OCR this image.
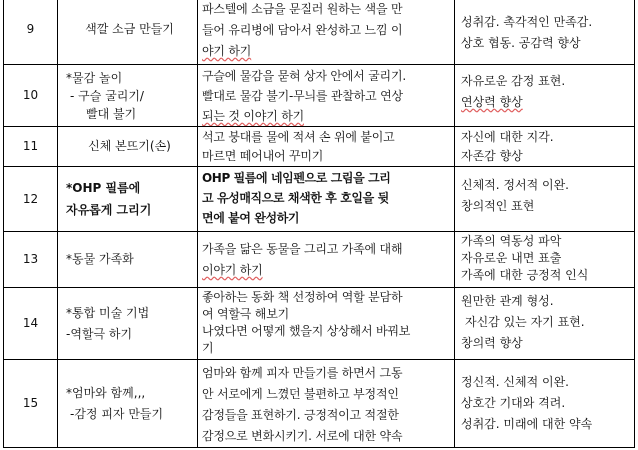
9	색깔 소금 만들기	파스텔에 소금을 문질러 원하는 색을 만
들어 유리병에 담아서 완성하고 느낌 이
야기 하기	성취감. 촉각적인 만족감.
상호 협동. 공감력 향상

10	*물감 놀이
- 구슬 굴리기/
빨대 불기	구슬에 물감을 묻혀 상자 안에서 굴리기.
빨대로 물감 불기-무늬를 관찰하고 연상
되는 것 이야기 하기	자유로운 감정 표현.
연상력 향상

11	신체 본뜨기(손)	석고 붕대를 물에 적셔 손 위에 붙이고
마르면 떼어내어 꾸미기	자신에 대한 지각.
자존감 향상

12	*OHP 필름에
자유롭게 그리기	OHP 필름에 네임펜으로 그림을 그리
고 유성매직으로 채색한 후 호일을 뒷
면에 붙여 완성하기	신체적. 정서적 이완.
창의적인 표현

13	*동물 가족화	가족을 닮은 동물을 그리고 가족에 대해
이야기 하기	가족의 역동성 파악
자유로운 내면 표출
가족에 대한 긍정적 인식

14	*통합 미술 기법
-역할극 하기	좋아하는 동화 책 선정하여 역할 분담하
여 역할극 해보기
나였다면 어떻게 했을지 상상해서 바꿔보
기	원만한 관계 형성.
자신감 있는 자기 표현.
창의력 향상

15	*엄마와 함께,,,
-감정 피자 만들기	엄마와 함께 피자 만들기를 하면서 그동
안 서로에게 느꼈던 불편하고 부정적인
감정들을 표현하기. 긍정적이고 적절한
감정으로 변화시키기. 서로에 대한 약속	정신적. 신체적 이완.
상호간 기대와 격려.
성취감. 미래에 대한 약속
